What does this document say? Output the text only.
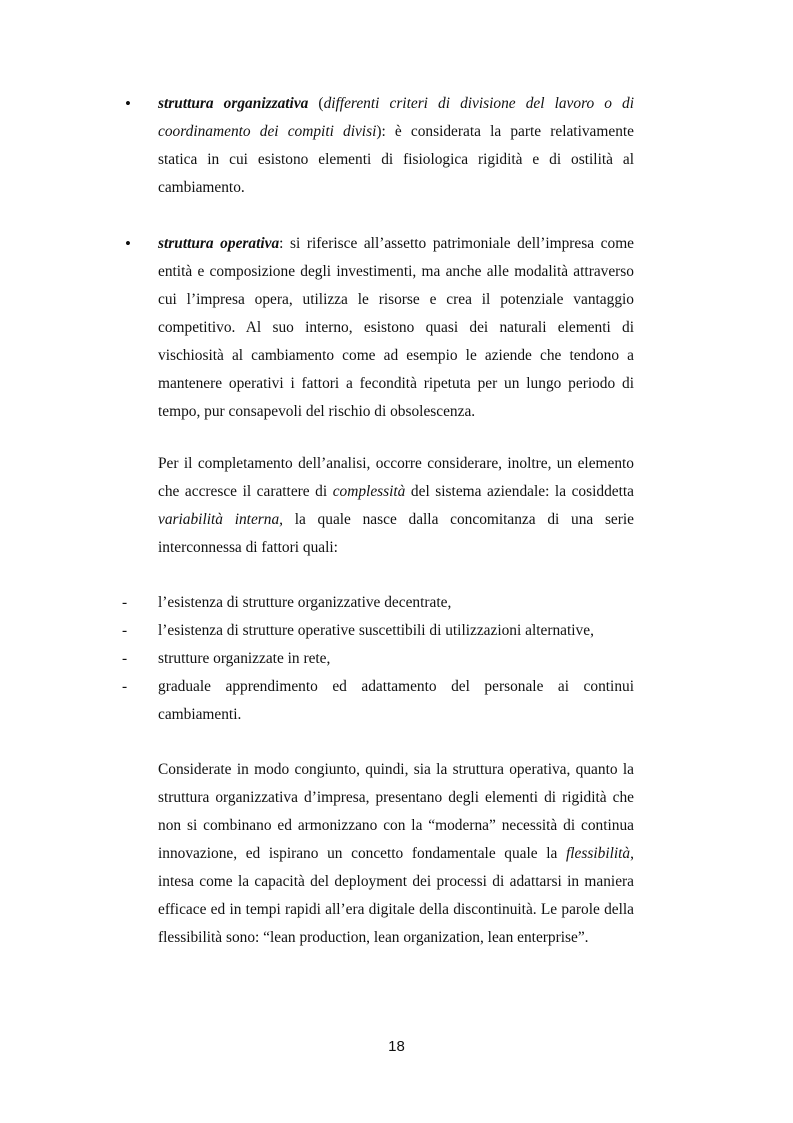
• struttura organizzativa (differenti criteri di divisione del lavoro o di coordinamento dei compiti divisi): è considerata la parte relativamente statica in cui esistono elementi di fisiologica rigidità e di ostilità al cambiamento.

• struttura operativa: si riferisce all’assetto patrimoniale dell’impresa come entità e composizione degli investimenti, ma anche alle modalità attraverso cui l’impresa opera, utilizza le risorse e crea il potenziale vantaggio competitivo. Al suo interno, esistono quasi dei naturali elementi di vischiosità al cambiamento come ad esempio le aziende che tendono a mantenere operativi i fattori a fecondità ripetuta per un lungo periodo di tempo, pur consapevoli del rischio di obsolescenza.

Per il completamento dell’analisi, occorre considerare, inoltre, un elemento che accresce il carattere di complessità del sistema aziendale: la cosiddetta variabilità interna, la quale nasce dalla concomitanza di una serie interconnessa di fattori quali:

- l’esistenza di strutture organizzative decentrate,

- l’esistenza di strutture operative suscettibili di utilizzazioni alternative,

- strutture organizzate in rete,

- graduale apprendimento ed adattamento del personale ai continui cambiamenti.

Considerate in modo congiunto, quindi, sia la struttura operativa, quanto la struttura organizzativa d’impresa, presentano degli elementi di rigidità che non si combinano ed armonizzano con la “moderna” necessità di continua innovazione, ed ispirano un concetto fondamentale quale la flessibilità, intesa come la capacità del deployment dei processi di adattarsi in maniera efficace ed in tempi rapidi all’era digitale della discontinuità. Le parole della flessibilità sono: “lean production, lean organization, lean enterprise”.

18
